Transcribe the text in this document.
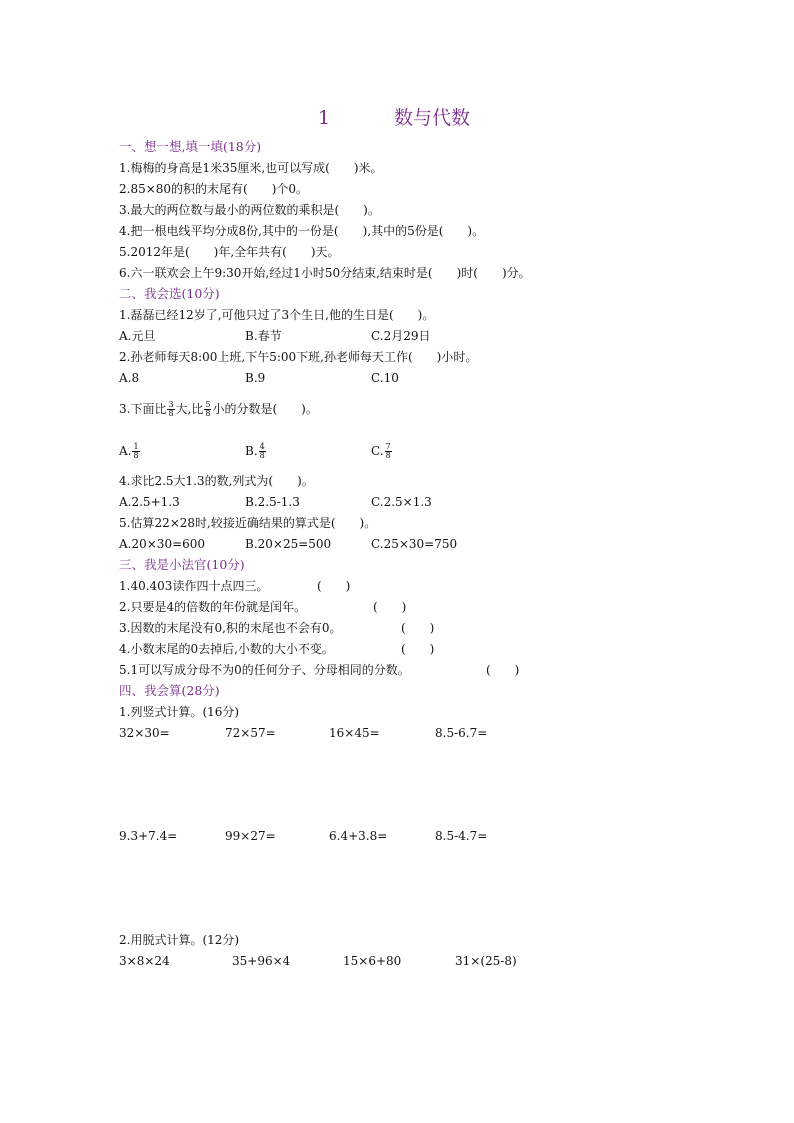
1	数与代数
一、想一想,填一填(18分)
1.梅梅的身高是1米35厘米,也可以写成(　　)米。
2.85×80的积的末尾有(　　)个0。
3.最大的两位数与最小的两位数的乘积是(　　)。
4.把一根电线平均分成8份,其中的一份是(　　),其中的5份是(　　)。
5.2012年是(　　)年,全年共有(　　)天。
6.六一联欢会上午9:30开始,经过1小时50分结束,结束时是(　　)时(　　)分。
二、我会选(10分)
1.磊磊已经12岁了,可他只过了3个生日,他的生日是(　　)。
A.元旦	B.春节	C.2月29日
2.孙老师每天8:00上班,下午5:00下班,孙老师每天工作(　　)小时。
A.8	B.9	C.10
3.下面比 $\frac{3}{8}$ 大,比 $\frac{5}{8}$ 小的分数是(　　)。
A. $\frac{1}{8}$	B. $\frac{4}{8}$	C. $\frac{7}{8}$
4.求比2.5大1.3的数,列式为(　　)。
A.2.5+1.3	B.2.5-1.3	C.2.5×1.3
5.估算22×28时,较接近确结果的算式是(　　)。
A.20×30=600	B.20×25=500	C.25×30=750
三、我是小法官(10分)
1.40.403读作四十点四三。	(　　)
2.只要是4的倍数的年份就是闰年。	(　　)
3.因数的末尾没有0,积的末尾也不会有0。	(　　)
4.小数末尾的0去掉后,小数的大小不变。	(　　)
5.1可以写成分母不为0的任何分子、分母相同的分数。	(　　)
四、我会算(28分)
1.列竖式计算。(16分)
32×30=	72×57=	16×45=	8.5-6.7=
9.3+7.4=	99×27=	6.4+3.8=	8.5-4.7=
2.用脱式计算。(12分)
3×8×24	35+96×4	15×6+80	31×(25-8)
